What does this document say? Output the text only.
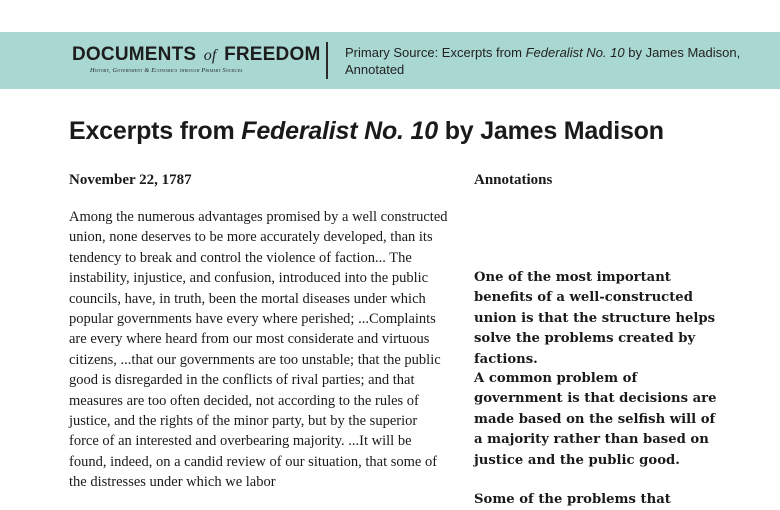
DOCUMENTS of FREEDOM
History, Government & Economics through Primary Sources
Primary Source: Excerpts from Federalist No. 10 by James Madison, Annotated
Excerpts from Federalist No. 10 by James Madison
November 22, 1787	Annotations

Among the numerous advantages promised by a well constructed union, none deserves to be more accurately developed, than its tendency to break and control the violence of faction... The instability, injustice, and confusion, introduced into the public councils, have, in truth, been the mortal diseases under which popular governments have every where perished; ...Complaints are every where heard from our most considerate and virtuous citizens, ...that our governments are too unstable; that the public good is disregarded in the conflicts of rival parties; and that measures are too often decided, not according to the rules of justice, and the rights of the minor party, but by the superior force of an interested and overbearing majority. ...It will be found, indeed, on a candid review of our situation, that some of the distresses under which we labor

One of the most important benefits of a well-constructed union is that the structure helps solve the problems created by factions.

A common problem of government is that decisions are made based on the selfish will of a majority rather than based on justice and the public good.

Some of the problems that
